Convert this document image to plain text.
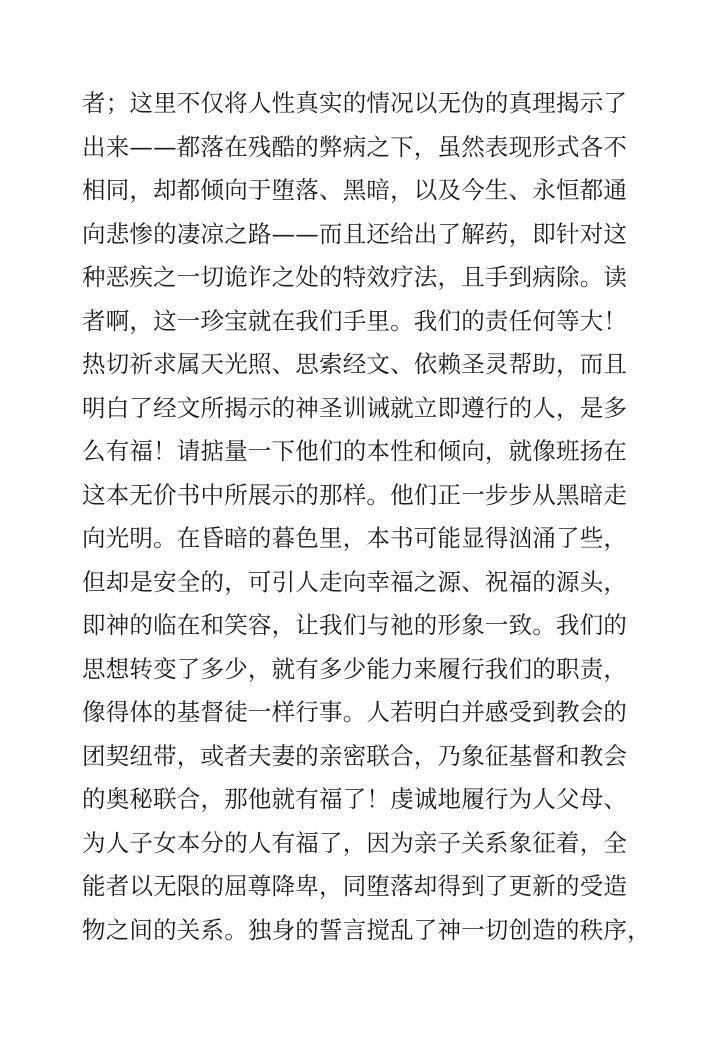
者；这里不仅将人性真实的情况以无伪的真理揭示了
出来——都落在残酷的弊病之下，虽然表现形式各不
相同，却都倾向于堕落、黑暗，以及今生、永恒都通
向悲惨的凄凉之路——而且还给出了解药，即针对这
种恶疾之一切诡诈之处的特效疗法，且手到病除。读
者啊，这一珍宝就在我们手里。我们的责任何等大！
热切祈求属天光照、思索经文、依赖圣灵帮助，而且
明白了经文所揭示的神圣训诫就立即遵行的人，是多
么有福！请掂量一下他们的本性和倾向，就像班扬在
这本无价书中所展示的那样。他们正一步步从黑暗走
向光明。在昏暗的暮色里，本书可能显得汹涌了些，
但却是安全的，可引人走向幸福之源、祝福的源头，
即神的临在和笑容，让我们与祂的形象一致。我们的
思想转变了多少，就有多少能力来履行我们的职责，
像得体的基督徒一样行事。人若明白并感受到教会的
团契纽带，或者夫妻的亲密联合，乃象征基督和教会
的奥秘联合，那他就有福了！虔诚地履行为人父母、
为人子女本分的人有福了，因为亲子关系象征着，全
能者以无限的屈尊降卑，同堕落却得到了更新的受造
物之间的关系。独身的誓言搅乱了神一切创造的秩序，
